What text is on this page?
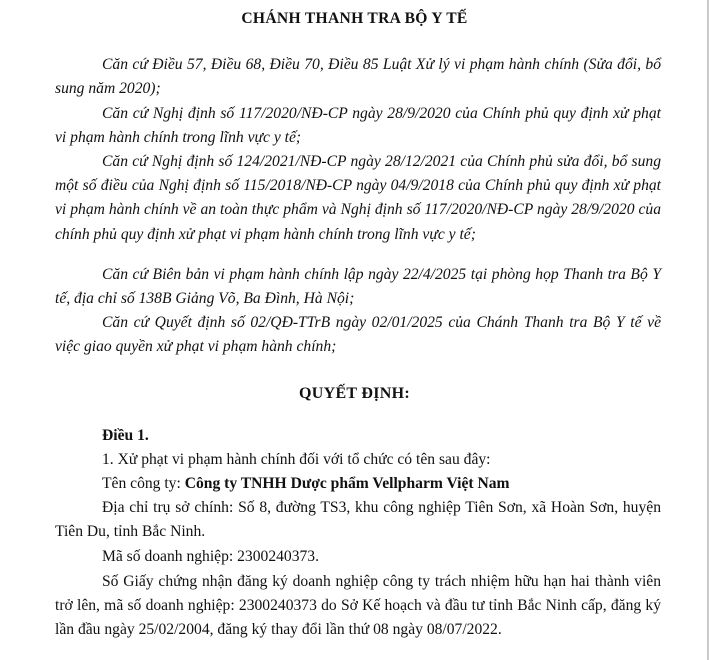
CHÁNH THANH TRA BỘ Y TẾ

Căn cứ Điều 57, Điều 68, Điều 70, Điều 85 Luật Xử lý vi phạm hành chính (Sửa đổi, bổ sung năm 2020);

Căn cứ Nghị định số 117/2020/NĐ-CP ngày 28/9/2020 của Chính phủ quy định xử phạt vi phạm hành chính trong lĩnh vực y tế;

Căn cứ Nghị định số 124/2021/NĐ-CP ngày 28/12/2021 của Chính phủ sửa đổi, bổ sung một số điều của Nghị định số 115/2018/NĐ-CP ngày 04/9/2018 của Chính phủ quy định xử phạt vi phạm hành chính về an toàn thực phẩm và Nghị định số 117/2020/NĐ-CP ngày 28/9/2020 của chính phủ quy định xử phạt vi phạm hành chính trong lĩnh vực y tế;

Căn cứ Biên bản vi phạm hành chính lập ngày 22/4/2025 tại phòng họp Thanh tra Bộ Y tế, địa chỉ số 138B Giảng Võ, Ba Đình, Hà Nội;

Căn cứ Quyết định số 02/QĐ-TTrB ngày 02/01/2025 của Chánh Thanh tra Bộ Y tế về việc giao quyền xử phạt vi phạm hành chính;

QUYẾT ĐỊNH:

Điều 1.

1. Xử phạt vi phạm hành chính đối với tổ chức có tên sau đây:

Tên công ty: Công ty TNHH Dược phẩm Vellpharm Việt Nam

Địa chỉ trụ sở chính: Số 8, đường TS3, khu công nghiệp Tiên Sơn, xã Hoàn Sơn, huyện Tiên Du, tỉnh Bắc Ninh.

Mã số doanh nghiệp: 2300240373.

Số Giấy chứng nhận đăng ký doanh nghiệp công ty trách nhiệm hữu hạn hai thành viên trở lên, mã số doanh nghiệp: 2300240373 do Sở Kế hoạch và đầu tư tỉnh Bắc Ninh cấp, đăng ký lần đầu ngày 25/02/2004, đăng ký thay đổi lần thứ 08 ngày 08/07/2022.
